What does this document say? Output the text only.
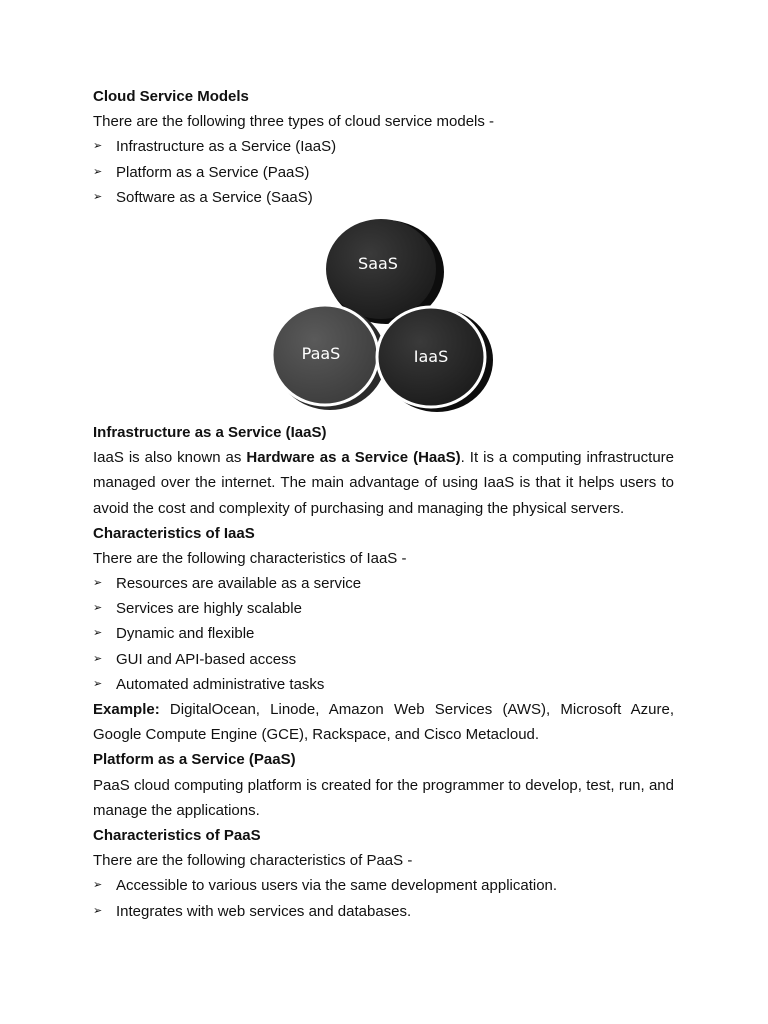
Cloud Service Models
There are the following three types of cloud service models -
➢ Infrastructure as a Service (IaaS)
➢ Platform as a Service (PaaS)
➢ Software as a Service (SaaS)
SaaS
PaaS	IaaS
Infrastructure as a Service (IaaS)
IaaS is also known as Hardware as a Service (HaaS). It is a computing infrastructure managed over the internet. The main advantage of using IaaS is that it helps users to avoid the cost and complexity of purchasing and managing the physical servers.
Characteristics of IaaS
There are the following characteristics of IaaS -
➢ Resources are available as a service
➢ Services are highly scalable
➢ Dynamic and flexible
➢ GUI and API-based access
➢ Automated administrative tasks
Example: DigitalOcean, Linode, Amazon Web Services (AWS), Microsoft Azure, Google Compute Engine (GCE), Rackspace, and Cisco Metacloud.
Platform as a Service (PaaS)
PaaS cloud computing platform is created for the programmer to develop, test, run, and manage the applications.
Characteristics of PaaS
There are the following characteristics of PaaS -
➢ Accessible to various users via the same development application.
➢ Integrates with web services and databases.
